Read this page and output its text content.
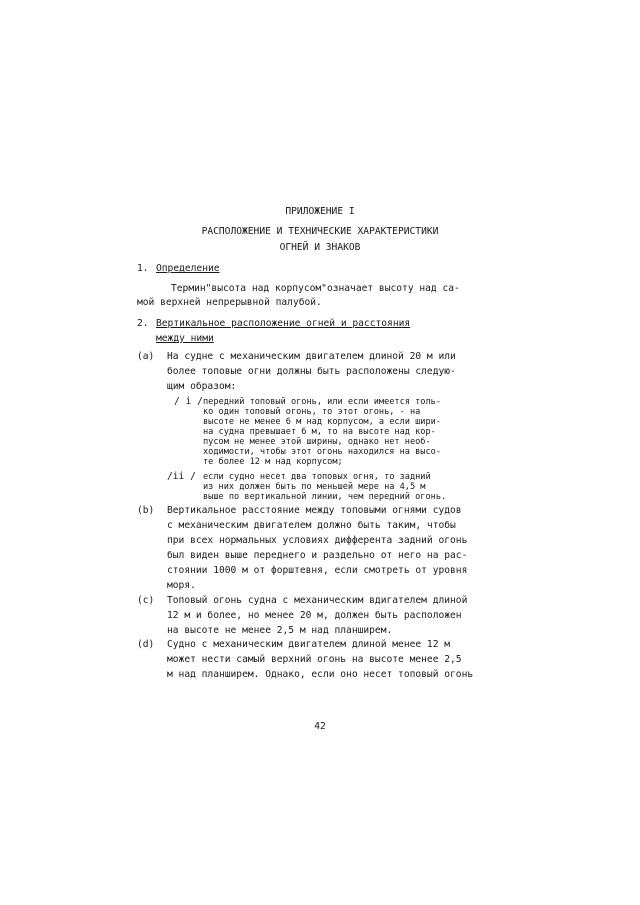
ПРИЛОЖЕНИЕ I
РАСПОЛОЖЕНИЕ И ТЕХНИЧЕСКИЕ ХАРАКТЕРИСТИКИ
ОГНЕЙ И ЗНАКОВ
1. Определение
Термин"высота над корпусом"означает высоту над са-
мой верхней непрерывной палубой.
2. Вертикальное расположение огней и расстояния
между ними
(a) На судне с механическим двигателем длиной 20 м или
более топовые огни должны быть расположены следую-
щим образом:
/ i / передний топовый огонь, или если имеется толь-
ко один топовый огонь, то этот огонь, - на
высоте не менее 6 м над корпусом, а если шири-
на судна превышает 6 м, то на высоте над кор-
пусом не менее этой ширины, однако нет необ-
ходимости, чтобы этот огонь находился на высо-
те более 12 м над корпусом;
/ii / если судно несет два топовых огня, то задний
из них должен быть по меньшей мере на 4,5 м
выше по вертикальной линии, чем передний огонь.
(b) Вертикальное расстояние между топовыми огнями судов
с механическим двигателем должно быть таким, чтобы
при всех нормальных условиях дифферента задний огонь
был виден выше переднего и раздельно от него на рас-
стоянии 1000 м от форштевня, если смотреть от уровня
моря.
(c) Топовый огонь судна с механическим вдигателем длиной
12 м и более, но менее 20 м, должен быть расположен
на высоте не менее 2,5 м над планширем.
(d) Судно с механическим двигателем длиной менее 12 м
может нести самый верхний огонь на высоте менее 2,5
м над планширем. Однако, если оно несет топовый огонь
42
